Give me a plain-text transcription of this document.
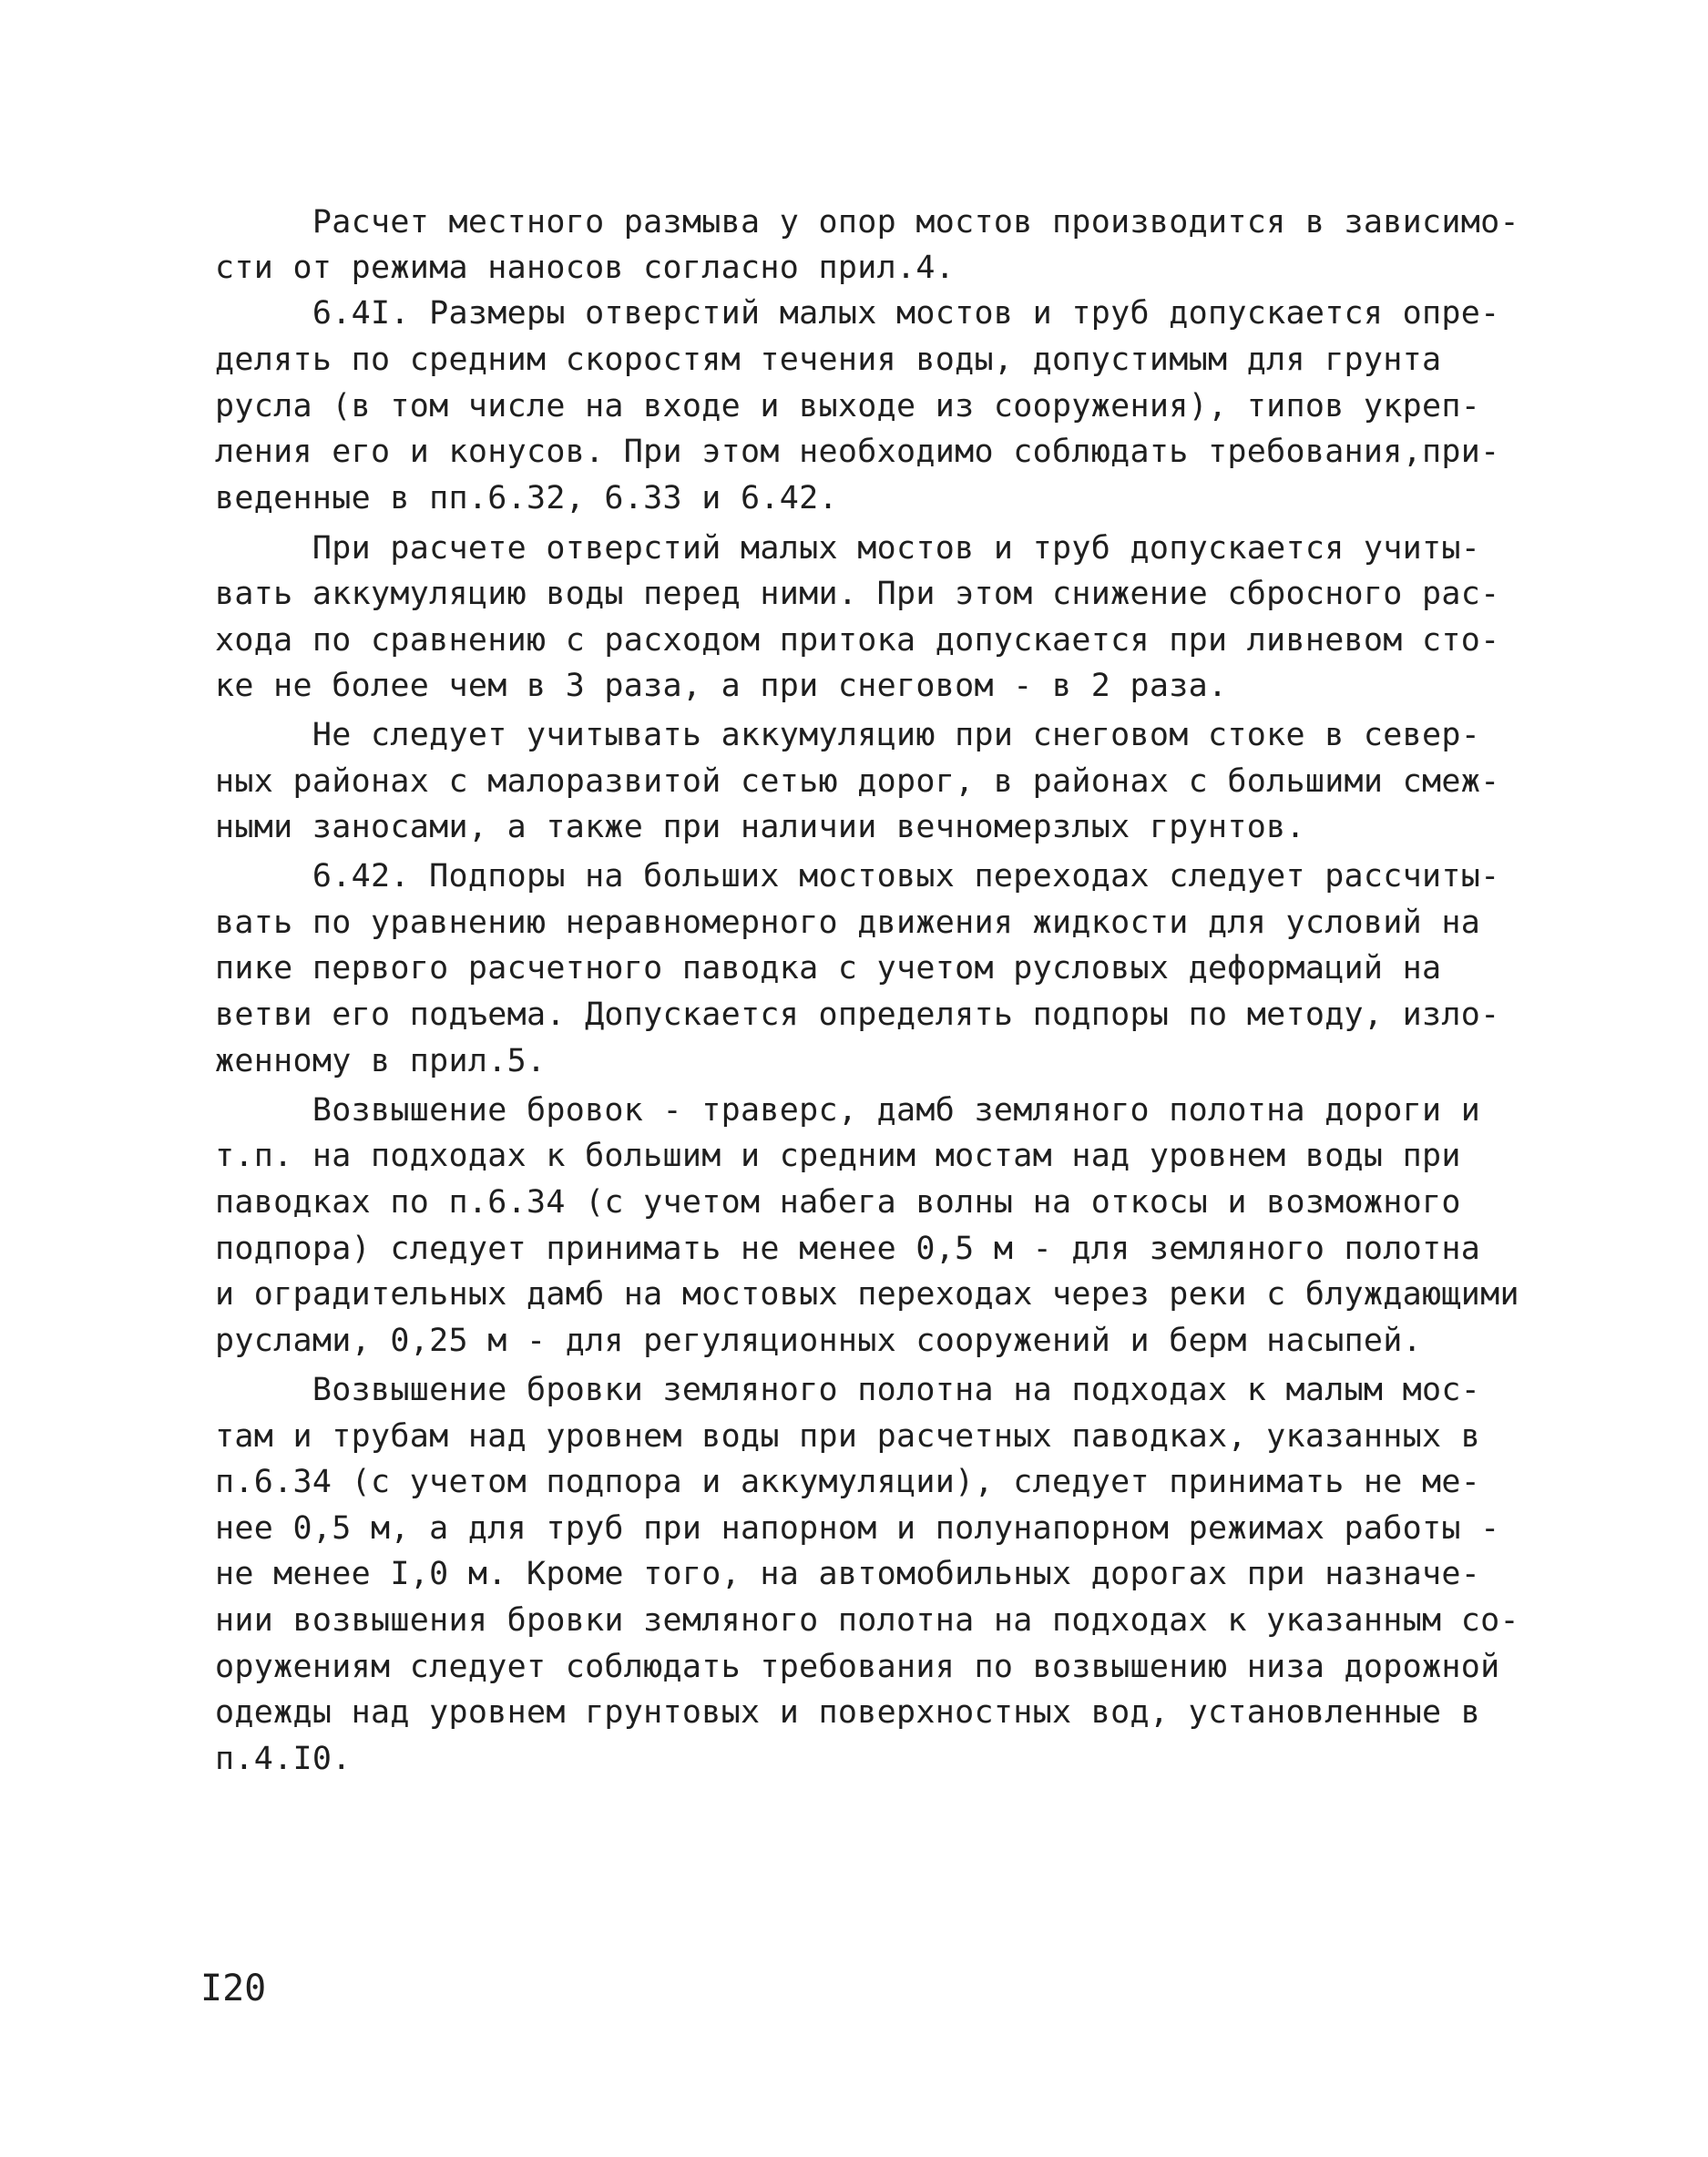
Расчет местного размыва у опор мостов производится в зависимо-
сти от режима наносов согласно прил.4.
6.4I. Размеры отверстий малых мостов и труб допускается опре-
делять по средним скоростям течения воды, допустимым для грунта
русла (в том числе на входе и выходе из сооружения), типов укреп-
ления его и конусов. При этом необходимо соблюдать требования,при-
веденные в пп.6.32, 6.33 и 6.42.
При расчете отверстий малых мостов и труб допускается учиты-
вать аккумуляцию воды перед ними. При этом снижение сбросного рас-
хода по сравнению с расходом притока допускается при ливневом сто-
ке не более чем в 3 раза, а при снеговом - в 2 раза.
Не следует учитывать аккумуляцию при снеговом стоке в север-
ных районах с малоразвитой сетью дорог, в районах с большими смеж-
ными заносами, а также при наличии вечномерзлых грунтов.
6.42. Подпоры на больших мостовых переходах следует рассчиты-
вать по уравнению неравномерного движения жидкости для условий на
пике первого расчетного паводка с учетом русловых деформаций на
ветви его подъема. Допускается определять подпоры по методу, изло-
женному в прил.5.
Возвышение бровок - траверс, дамб земляного полотна дороги и
т.п. на подходах к большим и средним мостам над уровнем воды при
паводках по п.6.34 (с учетом набега волны на откосы и возможного
подпора) следует принимать не менее 0,5 м - для земляного полотна
и оградительных дамб на мостовых переходах через реки с блуждающими
руслами, 0,25 м - для регуляционных сооружений и берм насыпей.
Возвышение бровки земляного полотна на подходах к малым мос-
там и трубам над уровнем воды при расчетных паводках, указанных в
п.6.34 (с учетом подпора и аккумуляции), следует принимать не ме-
нее 0,5 м, а для труб при напорном и полунапорном режимах работы -
не менее I,0 м. Кроме того, на автомобильных дорогах при назначе-
нии возвышения бровки земляного полотна на подходах к указанным со-
оружениям следует соблюдать требования по возвышению низа дорожной
одежды над уровнем грунтовых и поверхностных вод, установленные в
п.4.I0.
I20
